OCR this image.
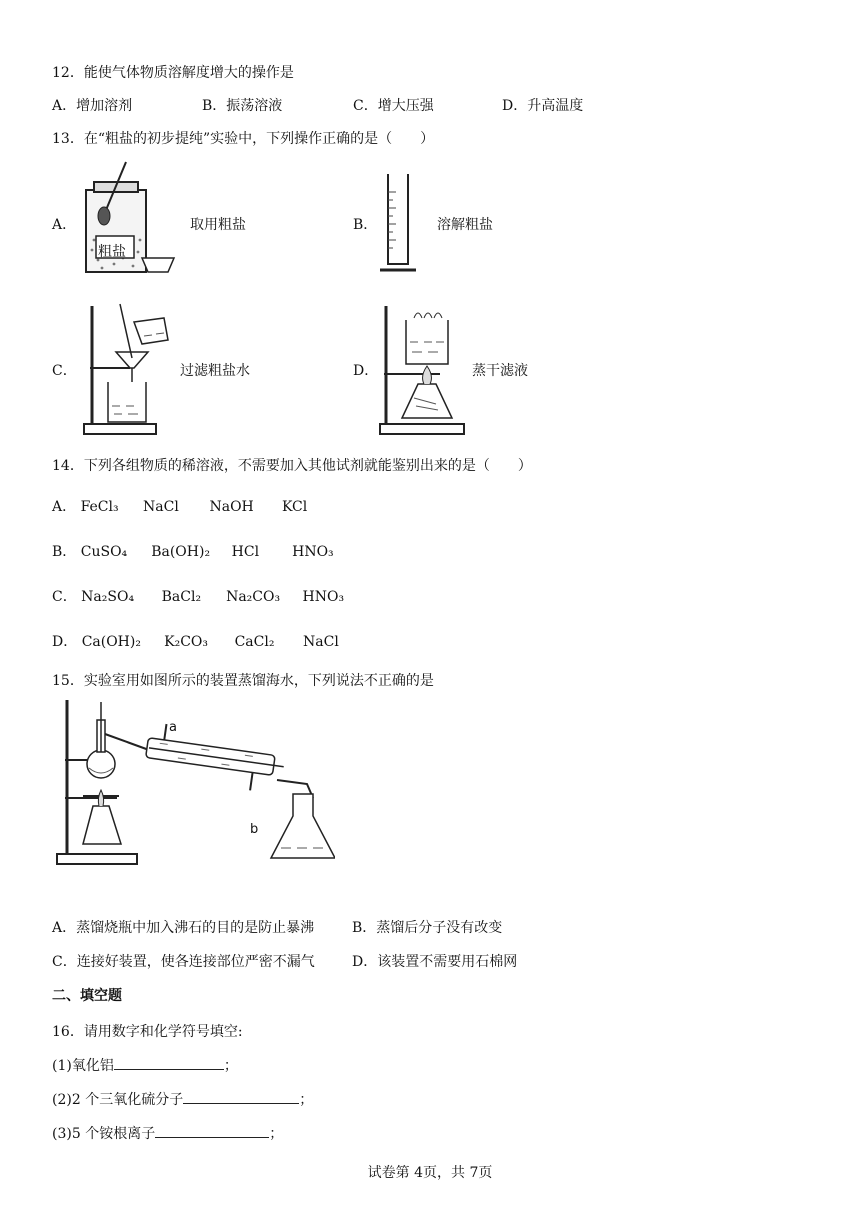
12．能使气体物质溶解度增大的操作是
A．增加溶剂	B．振荡溶液	C．增大压强	D．升高温度
13．在“粗盐的初步提纯”实验中，下列操作正确的是（　　）
A．
粗盐
取用粗盐	B．	溶解粗盐
C．	过滤粗盐水	D．	蒸干滤液
14．下列各组物质的稀溶液，不需要加入其他试剂就能鉴别出来的是（　　）
A． FeCl₃ NaCl NaOH KCl
B． CuSO₄ Ba(OH)₂ HCl HNO₃
C． Na₂SO₄ BaCl₂ Na₂CO₃ HNO₃
D． Ca(OH)₂ K₂CO₃ CaCl₂ NaCl
15．实验室用如图所示的装置蒸馏海水，下列说法不正确的是
a
b
A．蒸馏烧瓶中加入沸石的目的是防止暴沸	B．蒸馏后分子没有改变
C．连接好装置，使各连接部位严密不漏气	D．该装置不需要用石棉网
二、填空题
16．请用数字和化学符号填空:
(1)氧化铝	；
(2)2 个三氧化硫分子	；
(3)5 个铵根离子	；
试卷第 4页，共 7页
